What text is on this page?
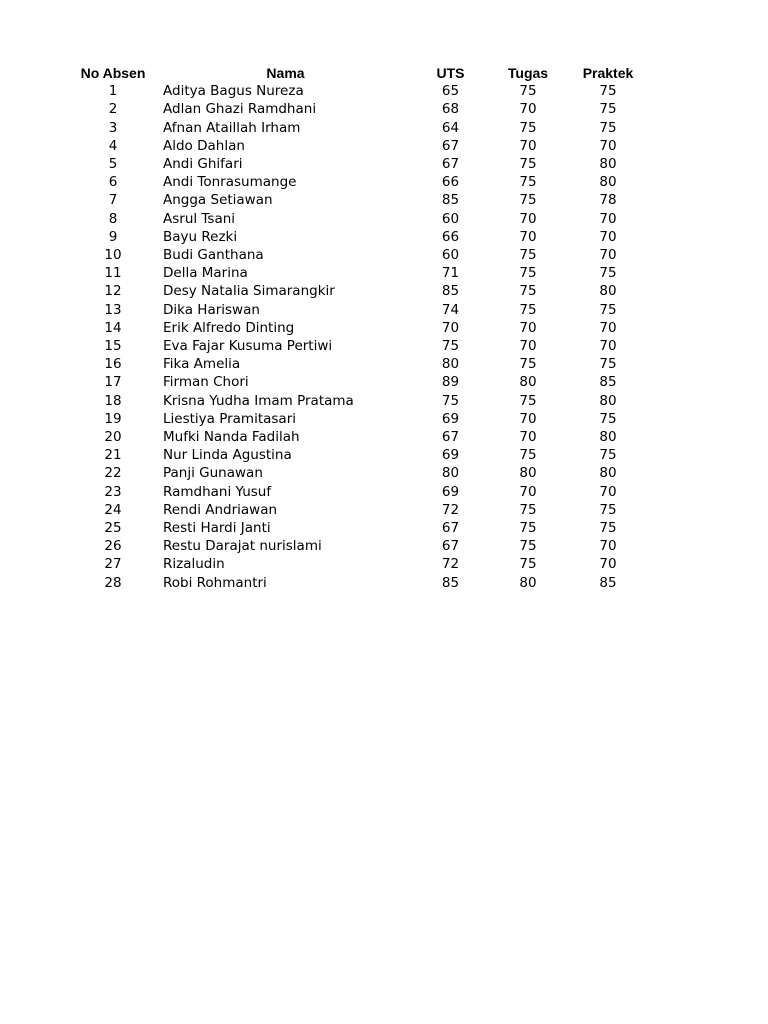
No Absen	Nama	UTS	Tugas	Praktek
1	Aditya Bagus Nureza	65	75	75
2	Adlan Ghazi Ramdhani	68	70	75
3	Afnan Ataillah Irham	64	75	75
4	Aldo Dahlan	67	70	70
5	Andi Ghifari	67	75	80
6	Andi Tonrasumange	66	75	80
7	Angga Setiawan	85	75	78
8	Asrul Tsani	60	70	70
9	Bayu Rezki	66	70	70
10	Budi Ganthana	60	75	70
11	Della Marina	71	75	75
12	Desy Natalia Simarangkir	85	75	80
13	Dika Hariswan	74	75	75
14	Erik Alfredo Dinting	70	70	70
15	Eva Fajar Kusuma Pertiwi	75	70	70
16	Fika Amelia	80	75	75
17	Firman Chori	89	80	85
18	Krisna Yudha Imam Pratama	75	75	80
19	Liestiya Pramitasari	69	70	75
20	Mufki Nanda Fadilah	67	70	80
21	Nur Linda Agustina	69	75	75
22	Panji Gunawan	80	80	80
23	Ramdhani Yusuf	69	70	70
24	Rendi Andriawan	72	75	75
25	Resti Hardi Janti	67	75	75
26	Restu Darajat nurislami	67	75	70
27	Rizaludin	72	75	70
28	Robi Rohmantri	85	80	85
